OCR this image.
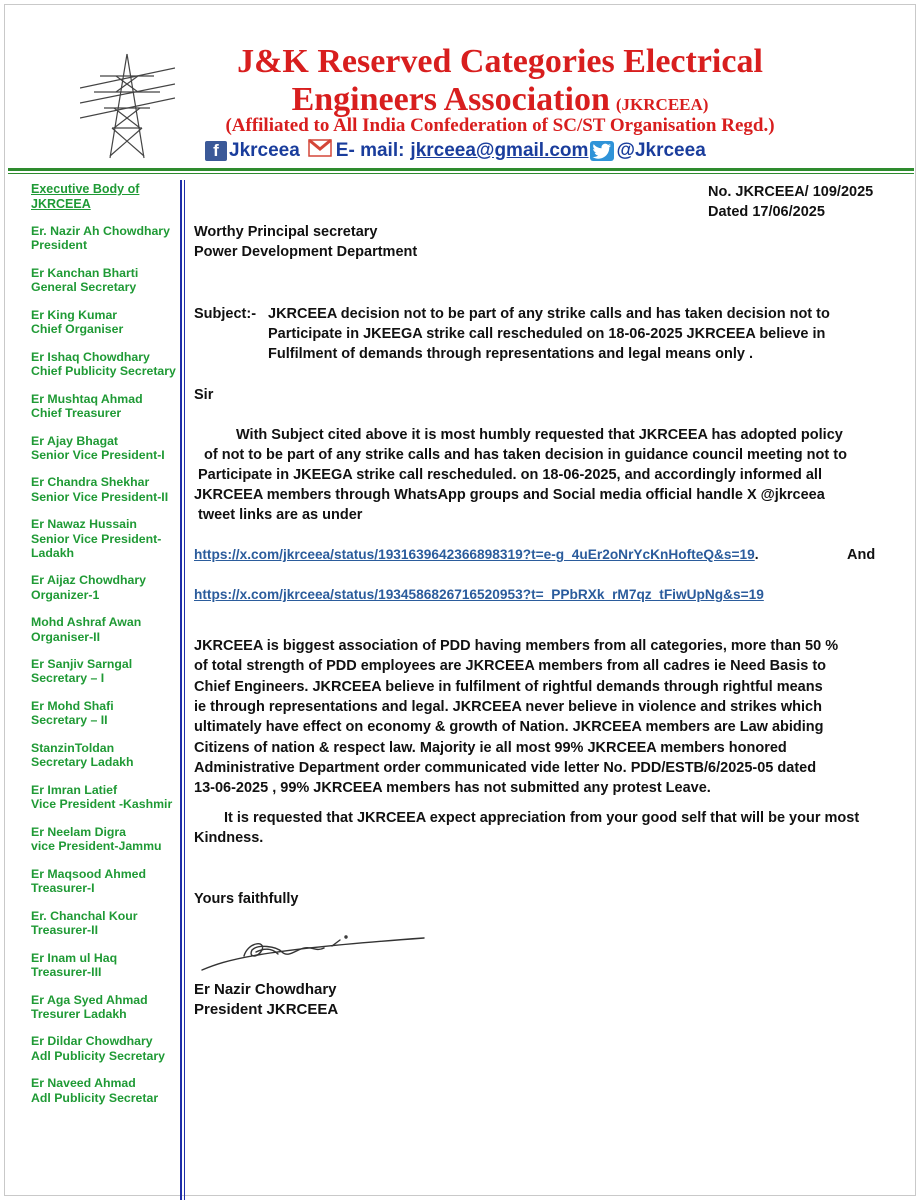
J&K Reserved Categories Electrical
Engineers Association (JKRCEEA)
(Affiliated to All India Confederation of SC/ST Organisation Regd.)
f Jkrceea E- mail: jkrceea@gmail.com @Jkrceea
Executive Body of JKRCEEA
Er. Nazir Ah Chowdhary
President
Er Kanchan Bharti
General Secretary
Er King Kumar
Chief Organiser
Er Ishaq Chowdhary
Chief Publicity Secretary
Er Mushtaq Ahmad
Chief Treasurer
Er Ajay Bhagat
Senior Vice President-I
Er Chandra Shekhar
Senior Vice President-II
Er Nawaz Hussain
Senior Vice President-Ladakh
Er Aijaz Chowdhary
Organizer-1
Mohd Ashraf Awan
Organiser-II
Er Sanjiv Sarngal
Secretary – I
Er Mohd Shafi
Secretary – II
StanzinToldan
Secretary Ladakh
Er Imran Latief
Vice President -Kashmir
Er Neelam Digra
vice President-Jammu
Er Maqsood Ahmed
Treasurer-I
Er. Chanchal Kour
Treasurer-II
Er Inam ul Haq
Treasurer-III
Er Aga Syed Ahmad
Tresurer Ladakh
Er Dildar Chowdhary
Adl Publicity Secretary
Er Naveed Ahmad
Adl Publicity Secretar
No. JKRCEEA/ 109/2025
Dated 17/06/2025
Worthy Principal secretary
Power Development Department
Subject:- JKRCEEA decision not to be part of any strike calls and has taken decision not to
Participate in JKEEGA strike call rescheduled on 18-06-2025 JKRCEEA believe in
Fulfilment of demands through representations and legal means only .
Sir
With Subject cited above it is most humbly requested that JKRCEEA has adopted policy
of not to be part of any strike calls and has taken decision in guidance council meeting not to
Participate in JKEEGA strike call rescheduled. on 18-06-2025, and accordingly informed all
JKRCEEA members through WhatsApp groups and Social media official handle X @jkrceea
tweet links are as under
https://x.com/jkrceea/status/1931639642366898319?t=e-g_4uEr2oNrYcKnHofteQ&s=19.	And
https://x.com/jkrceea/status/1934586826716520953?t=_PPbRXk_rM7qz_tFiwUpNg&s=19
JKRCEEA is biggest association of PDD having members from all categories, more than 50 %
of total strength of PDD employees are JKRCEEA members from all cadres ie Need Basis to
Chief Engineers. JKRCEEA believe in fulfilment of rightful demands through rightful means
ie through representations and legal. JKRCEEA never believe in violence and strikes which
ultimately have effect on economy & growth of Nation. JKRCEEA members are Law abiding
Citizens of nation & respect law. Majority ie all most 99% JKRCEEA members honored
Administrative Department order communicated vide letter No. PDD/ESTB/6/2025-05 dated
13-06-2025 , 99% JKRCEEA members has not submitted any protest Leave.
It is requested that JKRCEEA expect appreciation from your good self that will be your most
Kindness.
Yours faithfully
Er Nazir Chowdhary
President JKRCEEA
